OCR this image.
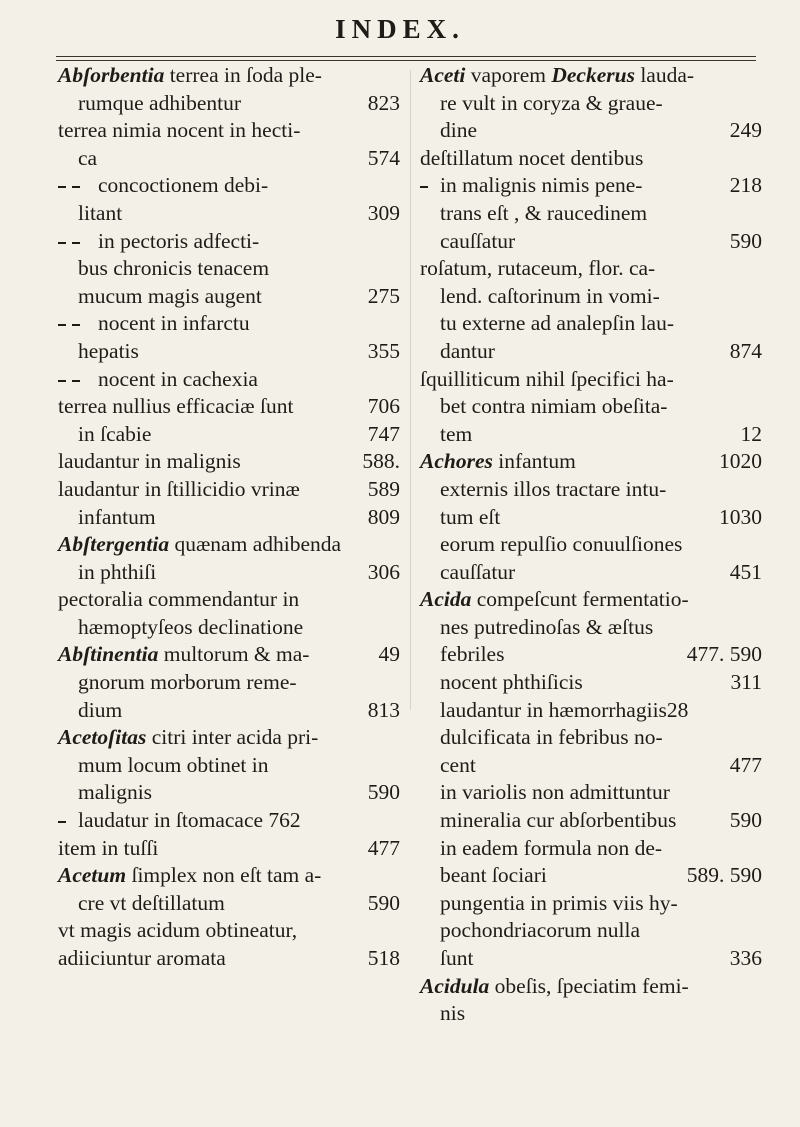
INDEX.
Abſorbentia terrea in ſoda ple-
823
rumque adhibentur
terrea nimia nocent in hecti-
574
ca
concoctionem debi-
309
litant
in pectoris adfecti-
bus chronicis tenacem
275
mucum magis augent
nocent in infarctu
355
hepatis
nocent in cachexia
706
terrea nullius efficaciæ ſunt
747
in ſcabie
588.
laudantur in malignis
589
laudantur in ſtillicidio vrinæ
809
infantum
Abſtergentia quænam adhibenda
306
in phthiſi
pectoralia commendantur in
hæmoptyſeos declinatione
49
Abſtinentia multorum & ma-
gnorum morborum reme-
813
dium
Acetoſitas citri inter acida pri-
mum locum obtinet in
590
malignis
laudatur in ſtomacace 762
477
item in tuſſi
Acetum ſimplex non eſt tam a-
590
cre vt deſtillatum
vt magis acidum obtineatur,
518
adiiciuntur aromata
Aceti vaporem Deckerus lauda-
re vult in coryza & graue-
249
dine
deſtillatum nocet dentibus
218
in malignis nimis pene-
trans eſt , & raucedinem
590
cauſſatur
roſatum, rutaceum, flor. ca-
lend. caſtorinum in vomi-
tu externe ad analepſin lau-
874
dantur
ſquilliticum nihil ſpecifici ha-
bet contra nimiam obeſita-
12
tem
1020
Achores infantum
externis illos tractare intu-
1030
tum eſt
eorum repulſio conuulſiones
451
cauſſatur
Acida compeſcunt fermentatio-
nes putredinoſas & æſtus
477. 590
febriles
311
nocent phthiſicis
laudantur in hæmorrhagiis28
dulcificata in febribus no-
477
cent
in variolis non admittuntur
590
mineralia cur abſorbentibus
in eadem formula non de-
589. 590
beant ſociari
pungentia in primis viis hy-
pochondriacorum nulla
336
ſunt
Acidula obeſis, ſpeciatim femi-
nis
